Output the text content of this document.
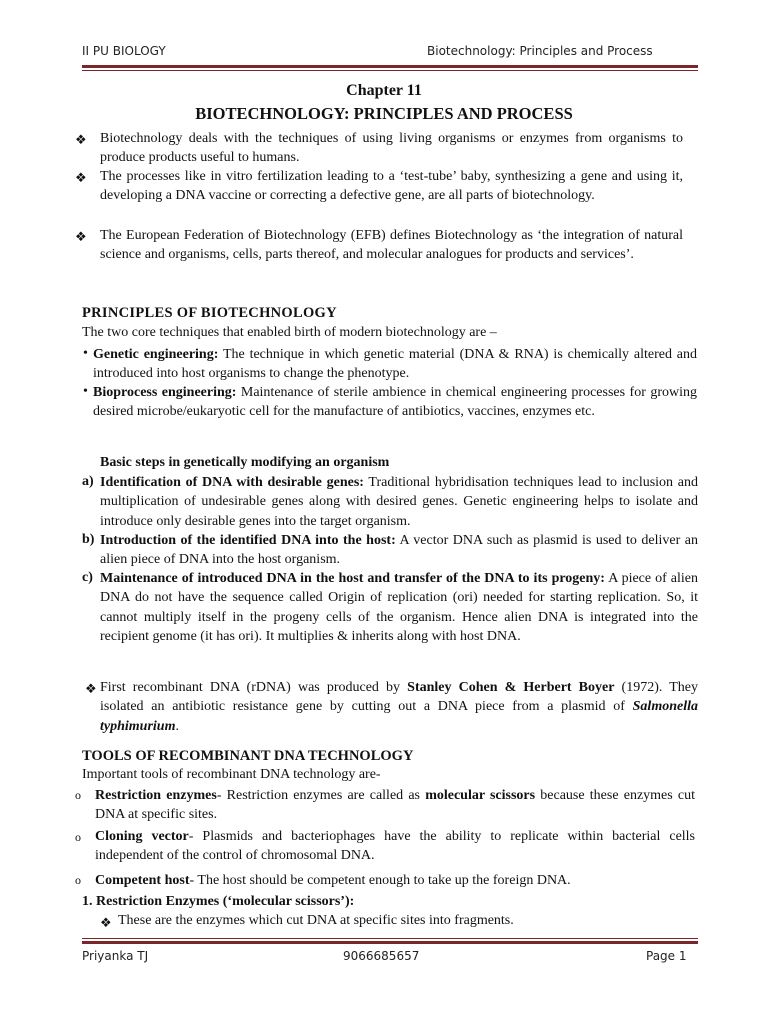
II PU BIOLOGY	Biotechnology: Principles and Process
Chapter 11
BIOTECHNOLOGY: PRINCIPLES AND PROCESS
❖ Biotechnology deals with the techniques of using living organisms or enzymes from organisms to produce products useful to humans.
❖ The processes like in vitro fertilization leading to a ‘test-tube’ baby, synthesizing a gene and using it, developing a DNA vaccine or correcting a defective gene, are all parts of biotechnology.
❖ The European Federation of Biotechnology (EFB) defines Biotechnology as ‘the integration of natural science and organisms, cells, parts thereof, and molecular analogues for products and services’.
PRINCIPLES OF BIOTECHNOLOGY
The two core techniques that enabled birth of modern biotechnology are –
• Genetic engineering: The technique in which genetic material (DNA & RNA) is chemically altered and introduced into host organisms to change the phenotype.
• Bioprocess engineering: Maintenance of sterile ambience in chemical engineering processes for growing desired microbe/eukaryotic cell for the manufacture of antibiotics, vaccines, enzymes etc.
Basic steps in genetically modifying an organism
a) Identification of DNA with desirable genes: Traditional hybridisation techniques lead to inclusion and multiplication of undesirable genes along with desired genes. Genetic engineering helps to isolate and introduce only desirable genes into the target organism.
b) Introduction of the identified DNA into the host: A vector DNA such as plasmid is used to deliver an alien piece of DNA into the host organism.
c) Maintenance of introduced DNA in the host and transfer of the DNA to its progeny: A piece of alien DNA do not have the sequence called Origin of replication (ori) needed for starting replication. So, it cannot multiply itself in the progeny cells of the organism. Hence alien DNA is integrated into the recipient genome (it has ori). It multiplies & inherits along with host DNA.
❖ First recombinant DNA (rDNA) was produced by Stanley Cohen & Herbert Boyer (1972). They isolated an antibiotic resistance gene by cutting out a DNA piece from a plasmid of Salmonella typhimurium.
TOOLS OF RECOMBINANT DNA TECHNOLOGY
Important tools of recombinant DNA technology are-
o Restriction enzymes- Restriction enzymes are called as molecular scissors because these enzymes cut DNA at specific sites.
o Cloning vector- Plasmids and bacteriophages have the ability to replicate within bacterial cells independent of the control of chromosomal DNA.
o Competent host- The host should be competent enough to take up the foreign DNA.
1. Restriction Enzymes (‘molecular scissors’):
❖ These are the enzymes which cut DNA at specific sites into fragments.
Priyanka TJ	9066685657	Page 1
